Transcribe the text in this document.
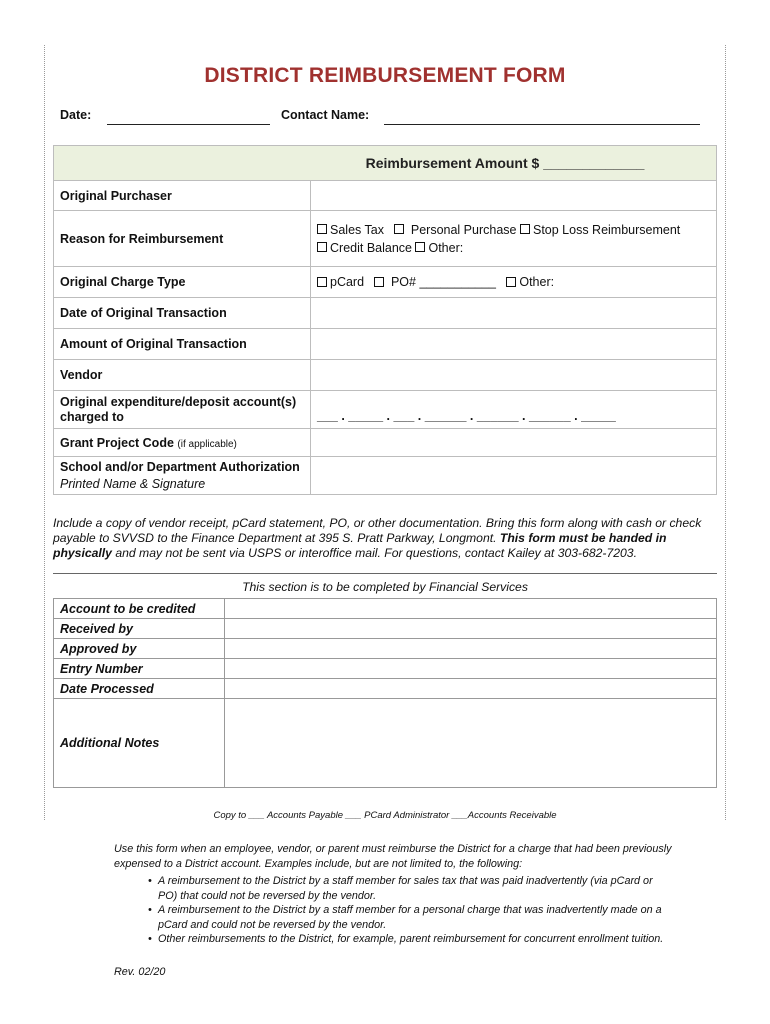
DISTRICT REIMBURSEMENT FORM
Date:	Contact Name:
Reimbursement Amount $ _____________	
Original Purchaser	
Reason for Reimbursement	Sales Tax Personal Purchase Stop Loss Reimbursement
Credit Balance Other:
Original Charge Type	pCard PO# ___________ Other:
Date of Original Transaction	
Amount of Original Transaction	
Vendor	
Original expenditure/deposit account(s)
charged to	___ . _____ . ___ . ______ . ______ . ______ . _____
Grant Project Code (if applicable)	
School and/or Department Authorization
Printed Name & Signature	
Include a copy of vendor receipt, pCard statement, PO, or other documentation. Bring this form along with cash or check payable to SVVSD to the Finance Department at 395 S. Pratt Parkway, Longmont. This form must be handed in physically and may not be sent via USPS or interoffice mail. For questions, contact Kailey at 303-682-7203.
This section is to be completed by Financial Services
Account to be credited	
Received by	
Approved by	
Entry Number	
Date Processed	
Additional Notes	
Copy to ___ Accounts Payable ___ PCard Administrator ___Accounts Receivable
Use this form when an employee, vendor, or parent must reimburse the District for a charge that had been previously expensed to a District account. Examples include, but are not limited to, the following:
• A reimbursement to the District by a staff member for sales tax that was paid inadvertently (via pCard or PO) that could not be reversed by the vendor.
• A reimbursement to the District by a staff member for a personal charge that was inadvertently made on a pCard and could not be reversed by the vendor.
• Other reimbursements to the District, for example, parent reimbursement for concurrent enrollment tuition.
Rev. 02/20
